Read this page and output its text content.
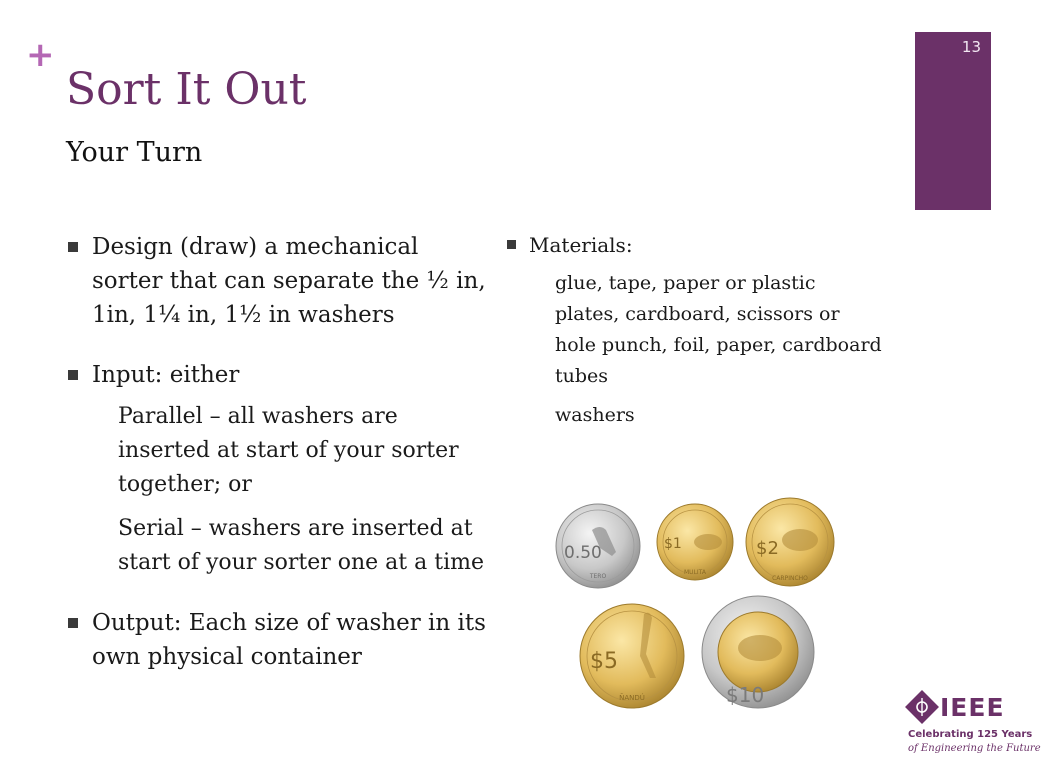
+
Sort It Out
Your Turn
13
Design (draw) a mechanical sorter that can separate the ½ in, 1in, 1¼ in, 1½ in washers
Input: either
Parallel – all washers are inserted at start of your sorter together; or
Serial – washers are inserted at start of your sorter one at a time
Output: Each size of washer in its own physical container
Materials:
glue, tape, paper or plastic plates, cardboard, scissors or hole punch, foil, paper, cardboard tubes
washers
0.50
TERO
$1
MULITA
$2
CARPINCHO
$5
ÑANDÚ	$10	IEEE
Celebrating 125 Years
of Engineering the Future
